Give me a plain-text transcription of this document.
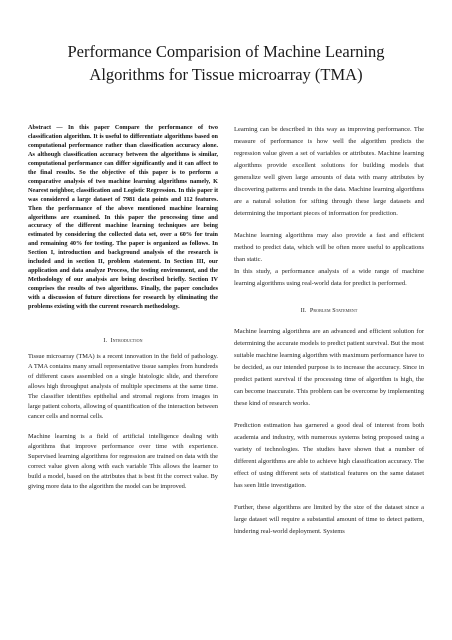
Performance Comparision of Machine Learning Algorithms for Tissue microarray (TMA)

Abstract — In this paper Compare the performance of two classification algorithm. It is useful to differentiate algorithms based on computational performance rather than classification accuracy alone. As although classification accuracy between the algorithms is similar, computational performance can differ significantly and it can affect to the final results. So the objective of this paper is to perform a comparative analysis of two machine learning algorithms namely, K Nearest neighbor, classification and Logistic Regression. In this paper it was considered a large dataset of 7981 data points and 112 features. Then the performance of the above mentioned machine learning algorithms are examined. In this paper the processing time and accuracy of the different machine learning techniques are being estimated by considering the collected data set, over a 60% for train and remaining 40% for testing. The paper is organized as follows. In Section I, introduction and background analysis of the research is included and in section II, problem statement. In Section III, our application and data analyze Process, the testing environment, and the Methodology of our analysis are being described briefly. Section IV comprises the results of two algorithms. Finally, the paper concludes with a discussion of future directions for research by eliminating the problems existing with the current research methodology.

I. Introduction

Tissue microarray (TMA) is a recent innovation in the field of pathology. A TMA contains many small representative tissue samples from hundreds of different cases assembled on a single histologic slide, and therefore allows high throughput analysis of multiple specimens at the same time. The classifier identifies epithelial and stromal regions from images in large patient cohorts, allowing of quantification of the interaction between cancer cells and normal cells.

Machine learning is a field of artificial intelligence dealing with algorithms that improve performance over time with experience. Supervised learning algorithms for regression are trained on data with the correct value given along with each variable This allows the learner to build a model, based on the attributes that is best fit the correct value. By giving more data to the algorithm the model can be improved.

Learning can be described in this way as improving performance. The measure of performance is how well the algorithm predicts the regression value given a set of variables or attributes. Machine learning algorithms provide excellent solutions for building models that generalize well given large amounts of data with many attributes by discovering patterns and trends in the data. Machine learning algorithms are a natural solution for sifting through these large datasets and determining the important pieces of information for prediction.

Machine learning algorithms may also provide a fast and efficient method to predict data, which will be often more useful to applications than static.

In this study, a performance analysis of a wide range of machine learning algorithms using real-world data for predict is performed.

II. Problem Statement

Machine learning algorithms are an advanced and efficient solution for determining the accurate models to predict patient survival. But the most suitable machine learning algorithm with maximum performance have to be decided, as our intended purpose is to increase the accuracy. Since in predict patient survival if the processing time of algorithm is high, the can become inaccurate. This problem can be overcome by implementing these kind of research works.

Prediction estimation has garnered a good deal of interest from both academia and industry, with numerous systems being proposed using a variety of technologies. The studies have shown that a number of different algorithms are able to achieve high classification accuracy. The effect of using different sets of statistical features on the same dataset has seen little investigation.

Further, these algorithms are limited by the size of the dataset since a large dataset will require a substantial amount of time to detect pattern, hindering real-world deployment. Systems
